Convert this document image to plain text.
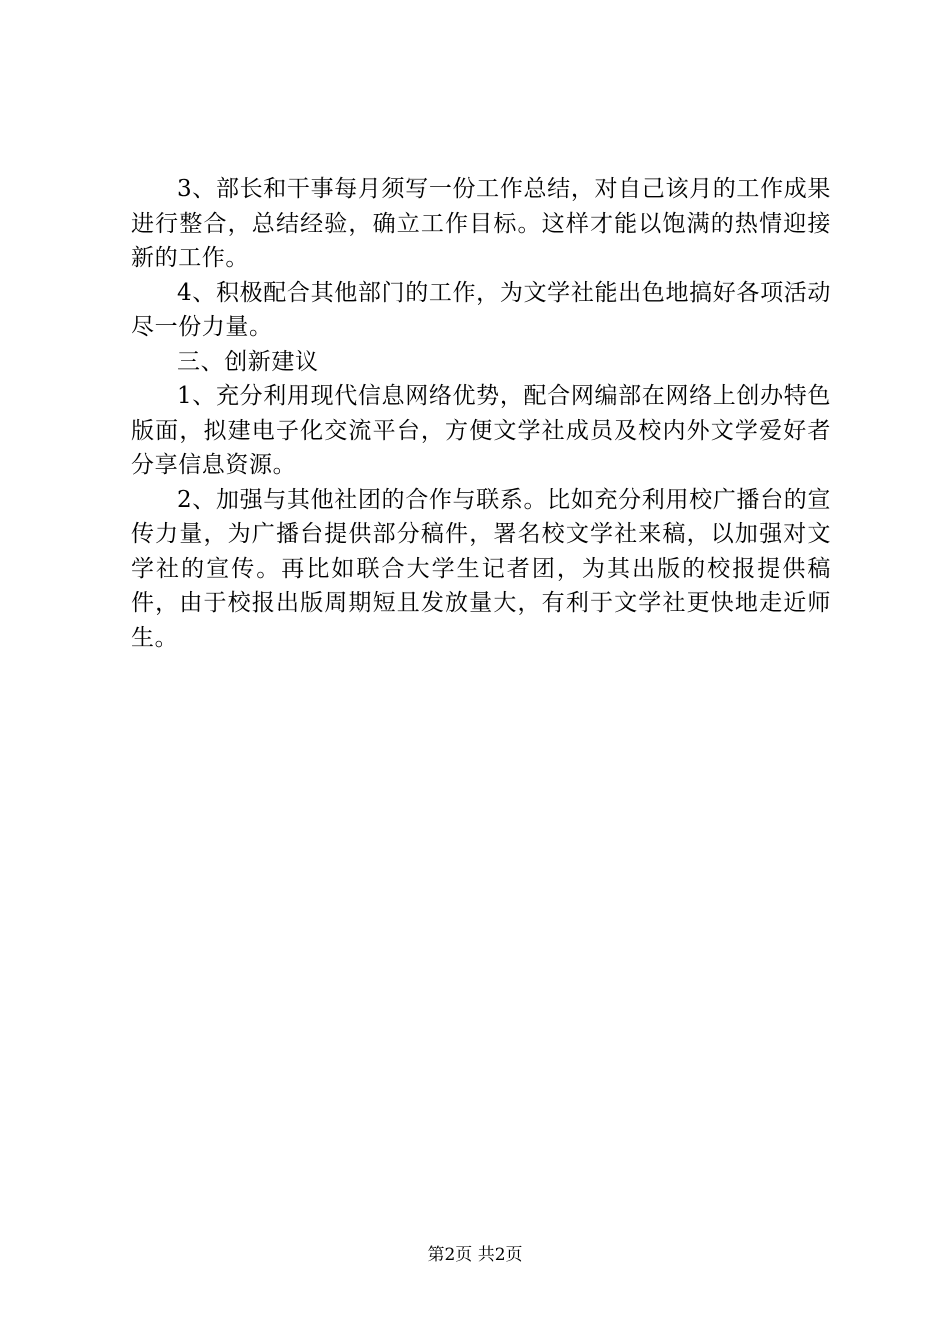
3、部长和干事每月须写一份工作总结，对自己该月的工作成果进行整合，总结经验，确立工作目标。这样才能以饱满的热情迎接新的工作。

4、积极配合其他部门的工作，为文学社能出色地搞好各项活动尽一份力量。

三、创新建议

1、充分利用现代信息网络优势，配合网编部在网络上创办特色版面，拟建电子化交流平台，方便文学社成员及校内外文学爱好者分享信息资源。

2、加强与其他社团的合作与联系。比如充分利用校广播台的宣传力量，为广播台提供部分稿件，署名校文学社来稿，以加强对文学社的宣传。再比如联合大学生记者团，为其出版的校报提供稿件，由于校报出版周期短且发放量大，有利于文学社更快地走近师生。

第2页 共2页
